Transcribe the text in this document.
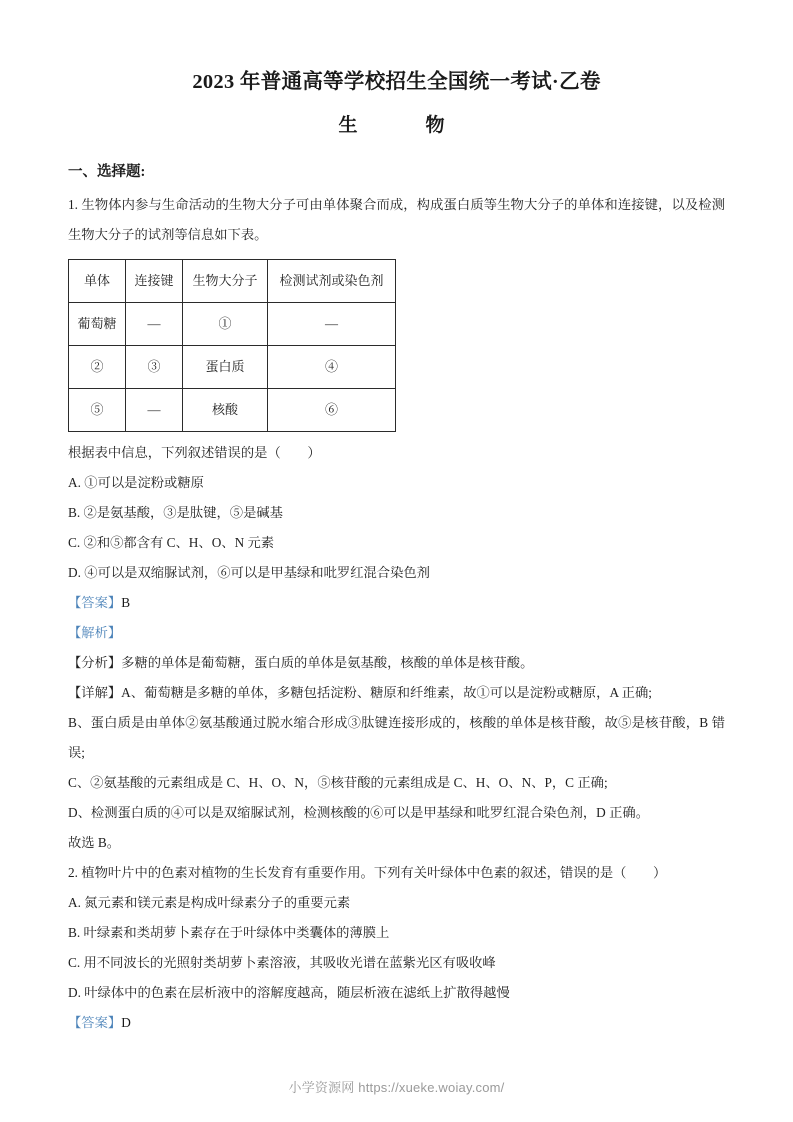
2023 年普通高等学校招生全国统一考试·乙卷
生　　物

一、选择题:

1. 生物体内参与生命活动的生物大分子可由单体聚合而成，构成蛋白质等生物大分子的单体和连接键，以及检测生物大分子的试剂等信息如下表。

单体	连接键	生物大分子	检测试剂或染色剂
葡萄糖	—	①	—
②	③	蛋白质	④
⑤	—	核酸	⑥

根据表中信息，下列叙述错误的是（　　）

A. ①可以是淀粉或糖原

B. ②是氨基酸，③是肽键，⑤是碱基

C. ②和⑤都含有 C、H、O、N 元素

D. ④可以是双缩脲试剂，⑥可以是甲基绿和吡罗红混合染色剂

【答案】B

【解析】

【分析】多糖的单体是葡萄糖，蛋白质的单体是氨基酸，核酸的单体是核苷酸。

【详解】A、葡萄糖是多糖的单体，多糖包括淀粉、糖原和纤维素，故①可以是淀粉或糖原，A 正确;

B、蛋白质是由单体②氨基酸通过脱水缩合形成③肽键连接形成的，核酸的单体是核苷酸，故⑤是核苷酸，B 错误;

C、②氨基酸的元素组成是 C、H、O、N，⑤核苷酸的元素组成是 C、H、O、N、P，C 正确;

D、检测蛋白质的④可以是双缩脲试剂，检测核酸的⑥可以是甲基绿和吡罗红混合染色剂，D 正确。

故选 B。

2. 植物叶片中的色素对植物的生长发育有重要作用。下列有关叶绿体中色素的叙述，错误的是（　　）

A. 氮元素和镁元素是构成叶绿素分子的重要元素

B. 叶绿素和类胡萝卜素存在于叶绿体中类囊体的薄膜上

C. 用不同波长的光照射类胡萝卜素溶液，其吸收光谱在蓝紫光区有吸收峰

D. 叶绿体中的色素在层析液中的溶解度越高，随层析液在滤纸上扩散得越慢

【答案】D

小学资源网 https://xueke.woiay.com/
